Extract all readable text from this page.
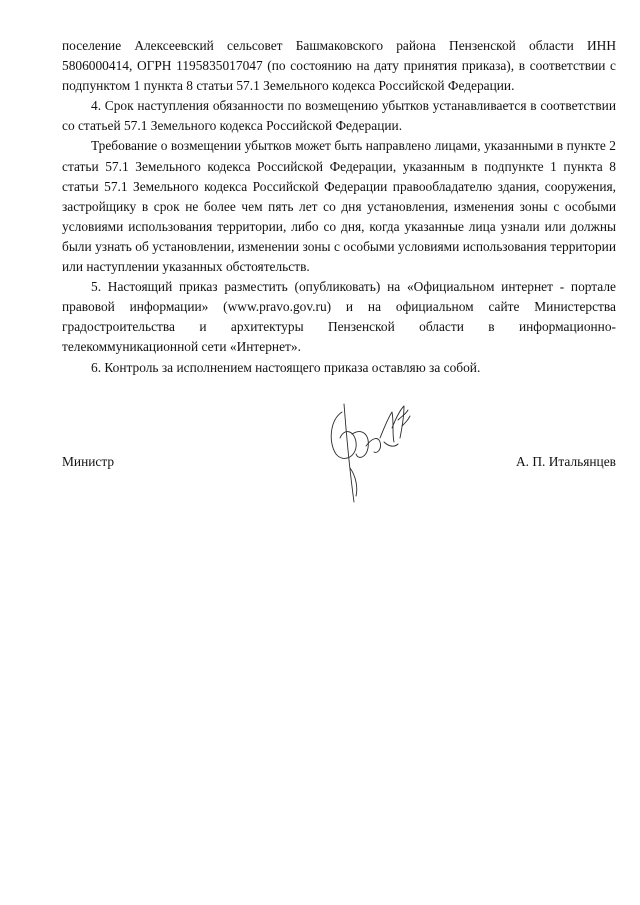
поселение Алексеевский сельсовет Башмаковского района Пензенской области ИНН 5806000414, ОГРН 1195835017047 (по состоянию на дату принятия приказа), в соответствии с подпунктом 1 пункта 8 статьи 57.1 Земельного кодекса Российской Федерации.

4. Срок наступления обязанности по возмещению убытков устанавливается в соответствии со статьей 57.1 Земельного кодекса Российской Федерации.

Требование о возмещении убытков может быть направлено лицами, указанными в пункте 2 статьи 57.1 Земельного кодекса Российской Федерации, указанным в подпункте 1 пункта 8 статьи 57.1 Земельного кодекса Российской Федерации правообладателю здания, сооружения, застройщику в срок не более чем пять лет со дня установления, изменения зоны с особыми условиями использования территории, либо со дня, когда указанные лица узнали или должны были узнать об установлении, изменении зоны с особыми условиями использования территории или наступлении указанных обстоятельств.

5. Настоящий приказ разместить (опубликовать) на «Официальном интернет - портале правовой информации» (www.pravo.gov.ru) и на официальном сайте Министерства градостроительства и архитектуры Пензенской области в информационно-телекоммуникационной сети «Интернет».

6. Контроль за исполнением настоящего приказа оставляю за собой.

Министр	А. П. Итальянцев
